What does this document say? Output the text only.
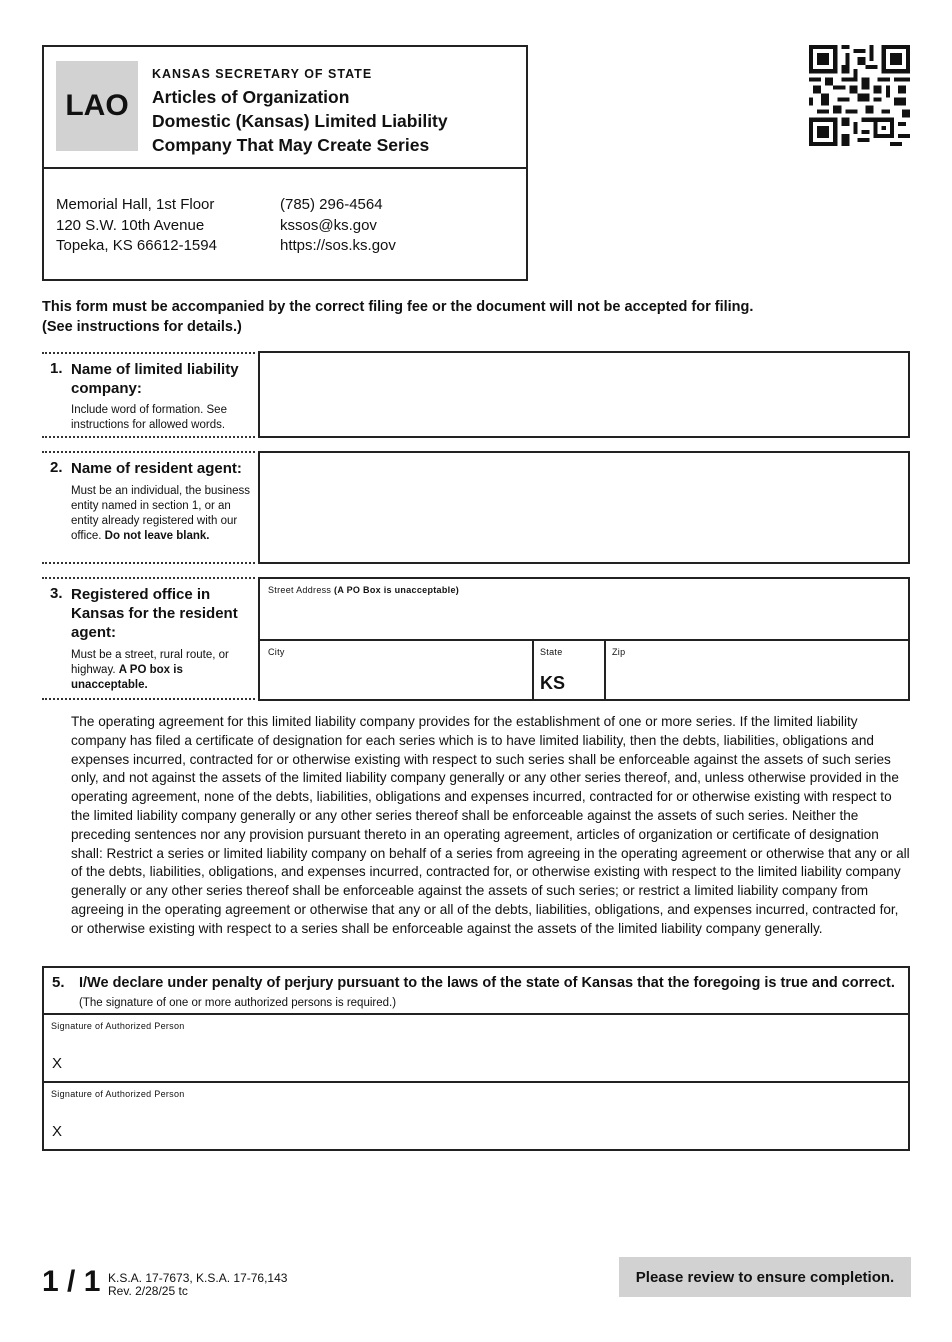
LAO
KANSAS SECRETARY OF STATE
Articles of Organization
Domestic (Kansas) Limited Liability
Company That May Create Series
Memorial Hall, 1st Floor
120 S.W. 10th Avenue
Topeka, KS 66612-1594
(785) 296-4564
kssos@ks.gov
https://sos.ks.gov
This form must be accompanied by the correct filing fee or the document will not be accepted for filing.
(See instructions for details.)
1. Name of limited liability company:
Include word of formation. See instructions for allowed words.
2. Name of resident agent:
Must be an individual, the business entity named in section 1, or an entity already registered with our office. Do not leave blank.
3. Registered office in Kansas for the resident agent:
Must be a street, rural route, or highway. A PO box is unacceptable.
Street Address (A PO Box is unacceptable)
City	State
KS
Zip
The operating agreement for this limited liability company provides for the establishment of one or more series. If the limited liability company has filed a certificate of designation for each series which is to have limited liability, then the debts, liabilities, obligations and expenses incurred, contracted for or otherwise existing with respect to such series shall be enforceable against the assets of such series only, and not against the assets of the limited liability company generally or any other series thereof, and, unless otherwise provided in the operating agreement, none of the debts, liabilities, obligations and expenses incurred, contracted for or otherwise existing with respect to the limited liability company generally or any other series thereof shall be enforceable against the assets of such series. Neither the preceding sentences nor any provision pursuant thereto in an operating agreement, articles of organization or certificate of designation shall: Restrict a series or limited liability company on behalf of a series from agreeing in the operating agreement or otherwise that any or all of the debts, liabilities, obligations, and expenses incurred, contracted for, or otherwise existing with respect to the limited liability company generally or any other series thereof shall be enforceable against the assets of such series; or restrict a limited liability company from agreeing in the operating agreement or otherwise that any or all of the debts, liabilities, obligations, and expenses incurred, contracted for, or otherwise existing with respect to a series shall be enforceable against the assets of the limited liability company generally.
5. I/We declare under penalty of perjury pursuant to the laws of the state of Kansas that the foregoing is true and correct. (The signature of one or more authorized persons is required.)
Signature of Authorized Person
X
Signature of Authorized Person
X
1 / 1 K.S.A. 17-7673, K.S.A. 17-76,143
Rev. 2/28/25 tc
Please review to ensure completion.
